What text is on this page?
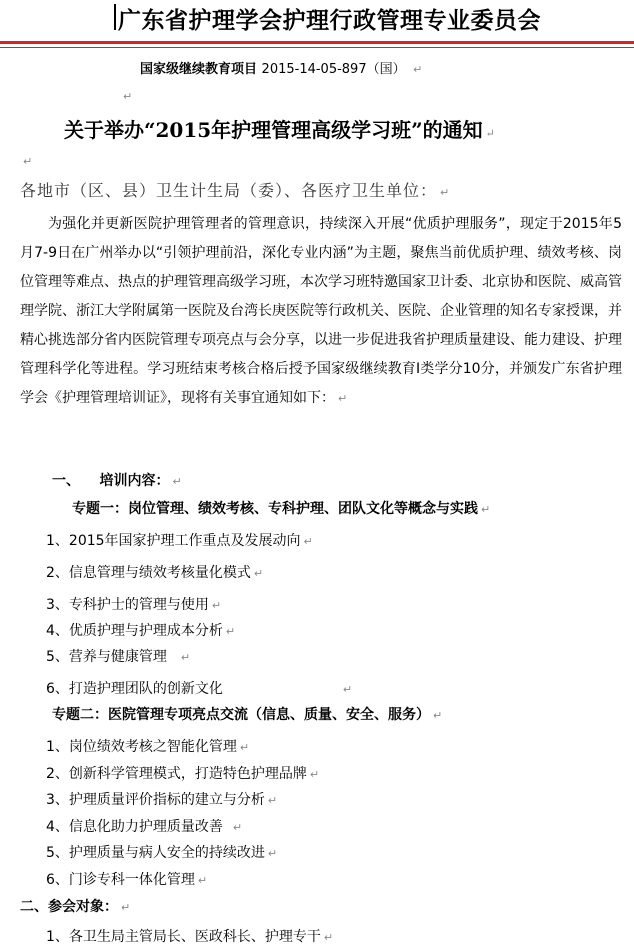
广东省护理学会护理行政管理专业委员会
国家级继续教育项目 2015-14-05-897（国） ↵
↵
关于举办“2015年护理管理高级学习班”的通知 ↵
↵
各地市（区、县）卫生计生局（委）、各医疗卫生单位： ↵
为强化并更新医院护理管理者的管理意识，持续深入开展“优质护理服务”，现定于2015年5月7-9日在广州举办以“引领护理前沿，深化专业内涵”为主题，聚焦当前优质护理、绩效考核、岗位管理等难点、热点的护理管理高级学习班，本次学习班特邀国家卫计委、北京协和医院、威高管理学院、浙江大学附属第一医院及台湾长庚医院等行政机关、医院、企业管理的知名专家授课，并精心挑选部分省内医院管理专项亮点与会分享，以进一步促进我省护理质量建设、能力建设、护理管理科学化等进程。学习班结束考核合格后授予国家级继续教育Ⅰ类学分10分，并颁发广东省护理学会《护理管理培训证》，现将有关事宜通知如下： ↵
一、    培训内容： ↵
专题一：岗位管理、绩效考核、专科护理、团队文化等概念与实践 ↵
1、2015年国家护理工作重点及发展动向 ↵
2、信息管理与绩效考核量化模式 ↵
3、专科护士的管理与使用 ↵
4、优质护理与护理成本分析 ↵
5、营养与健康管理 ↵
6、打造护理团队的创新文化	↵
专题二：医院管理专项亮点交流（信息、质量、安全、服务） ↵
1、岗位绩效考核之智能化管理 ↵
2、创新科学管理模式，打造特色护理品牌 ↵
3、护理质量评价指标的建立与分析 ↵
4、信息化助力护理质量改善 ↵
5、护理质量与病人安全的持续改进 ↵
6、门诊专科一体化管理 ↵
二、参会对象： ↵
1、各卫生局主管局长、医政科长、护理专干 ↵
